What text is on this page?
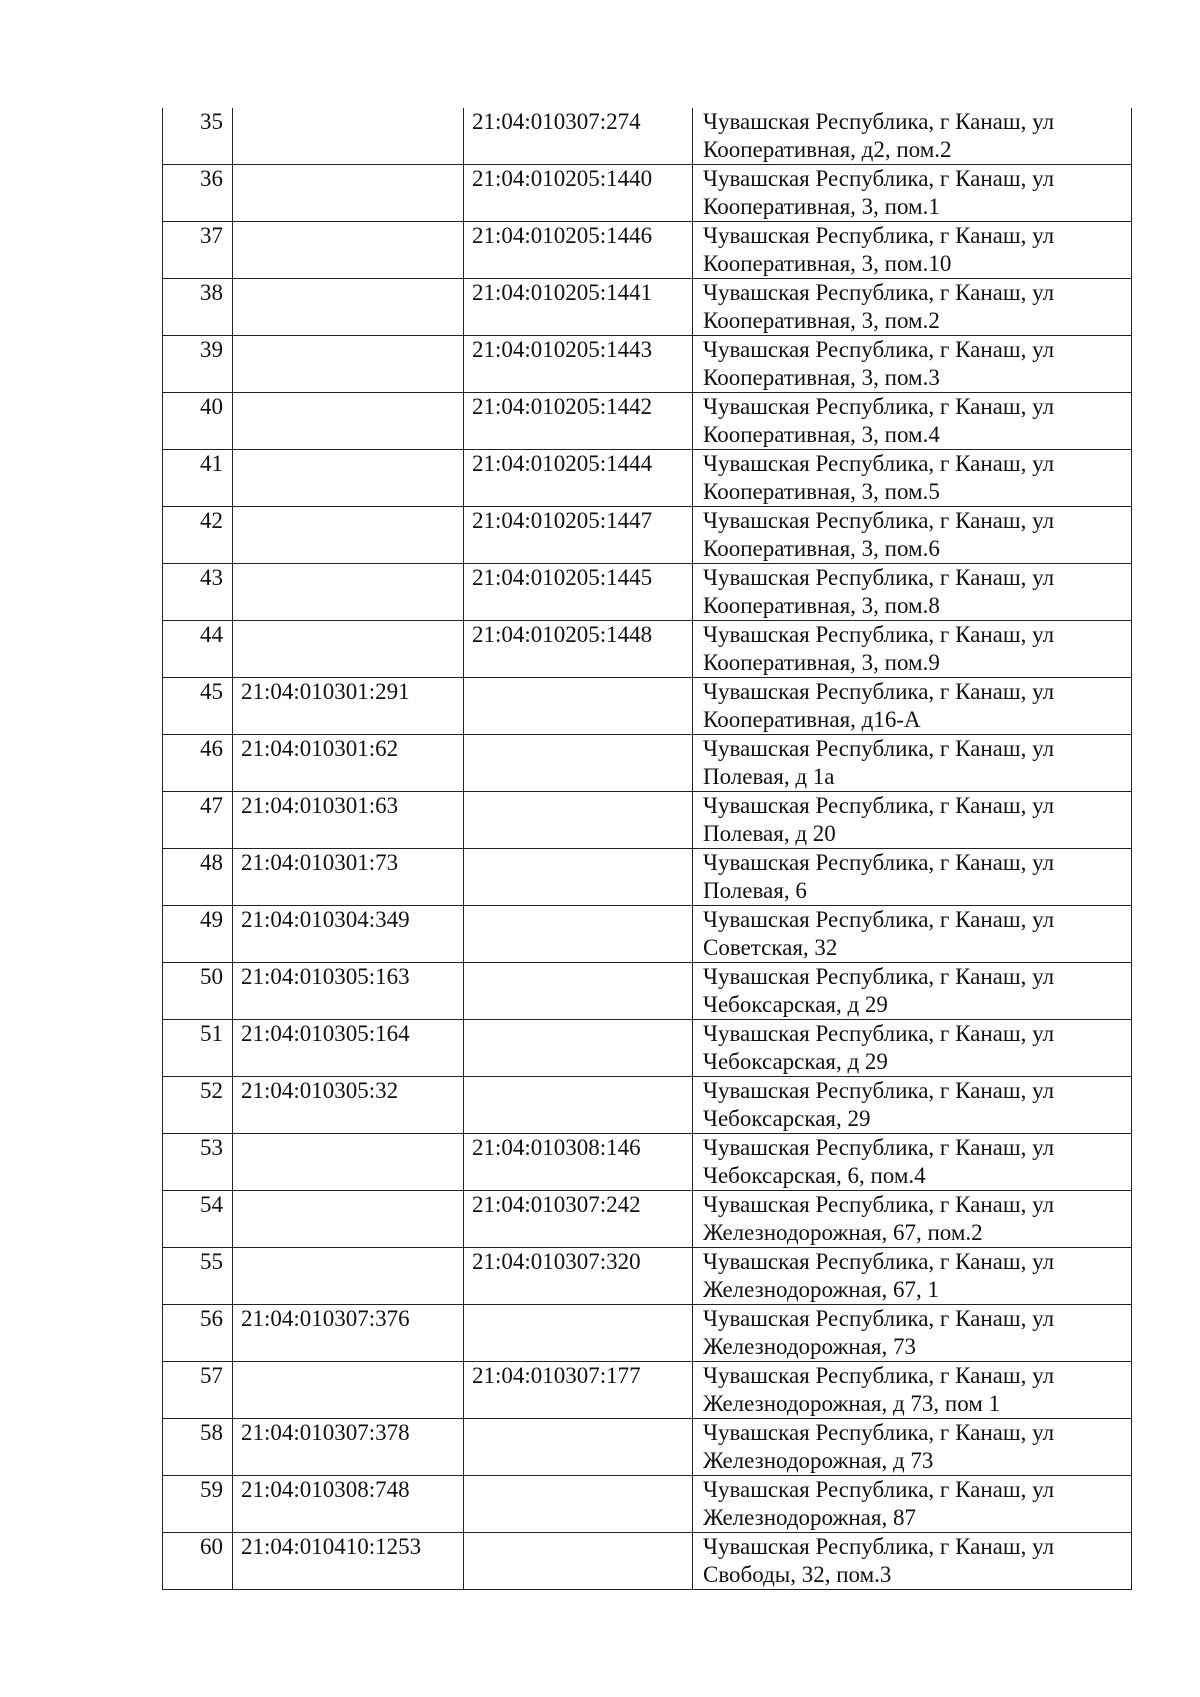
35		21:04:010307:274	Чувашская Республика, г Канаш, ул
Кооперативная, д2, пом.2

36		21:04:010205:1440	Чувашская Республика, г Канаш, ул
Кооперативная, 3, пом.1

37		21:04:010205:1446	Чувашская Республика, г Канаш, ул
Кооперативная, 3, пом.10

38		21:04:010205:1441	Чувашская Республика, г Канаш, ул
Кооперативная, 3, пом.2

39		21:04:010205:1443	Чувашская Республика, г Канаш, ул
Кооперативная, 3, пом.3

40		21:04:010205:1442	Чувашская Республика, г Канаш, ул
Кооперативная, 3, пом.4

41		21:04:010205:1444	Чувашская Республика, г Канаш, ул
Кооперативная, 3, пом.5

42		21:04:010205:1447	Чувашская Республика, г Канаш, ул
Кооперативная, 3, пом.6

43		21:04:010205:1445	Чувашская Республика, г Канаш, ул
Кооперативная, 3, пом.8

44		21:04:010205:1448	Чувашская Республика, г Канаш, ул
Кооперативная, 3, пом.9

45	21:04:010301:291		Чувашская Республика, г Канаш, ул
Кооперативная, д16-А

46	21:04:010301:62		Чувашская Республика, г Канаш, ул
Полевая, д 1а

47	21:04:010301:63		Чувашская Республика, г Канаш, ул
Полевая, д 20

48	21:04:010301:73		Чувашская Республика, г Канаш, ул
Полевая, 6

49	21:04:010304:349		Чувашская Республика, г Канаш, ул
Советская, 32

50	21:04:010305:163		Чувашская Республика, г Канаш, ул
Чебоксарская, д 29

51	21:04:010305:164		Чувашская Республика, г Канаш, ул
Чебоксарская, д 29

52	21:04:010305:32		Чувашская Республика, г Канаш, ул
Чебоксарская, 29

53		21:04:010308:146	Чувашская Республика, г Канаш, ул
Чебоксарская, 6, пом.4

54		21:04:010307:242	Чувашская Республика, г Канаш, ул
Железнодорожная, 67, пом.2

55		21:04:010307:320	Чувашская Республика, г Канаш, ул
Железнодорожная, 67, 1

56	21:04:010307:376		Чувашская Республика, г Канаш, ул
Железнодорожная, 73

57		21:04:010307:177	Чувашская Республика, г Канаш, ул
Железнодорожная, д 73, пом 1

58	21:04:010307:378		Чувашская Республика, г Канаш, ул
Железнодорожная, д 73

59	21:04:010308:748		Чувашская Республика, г Канаш, ул
Железнодорожная, 87

60	21:04:010410:1253		Чувашская Республика, г Канаш, ул
Свободы, 32, пом.3
